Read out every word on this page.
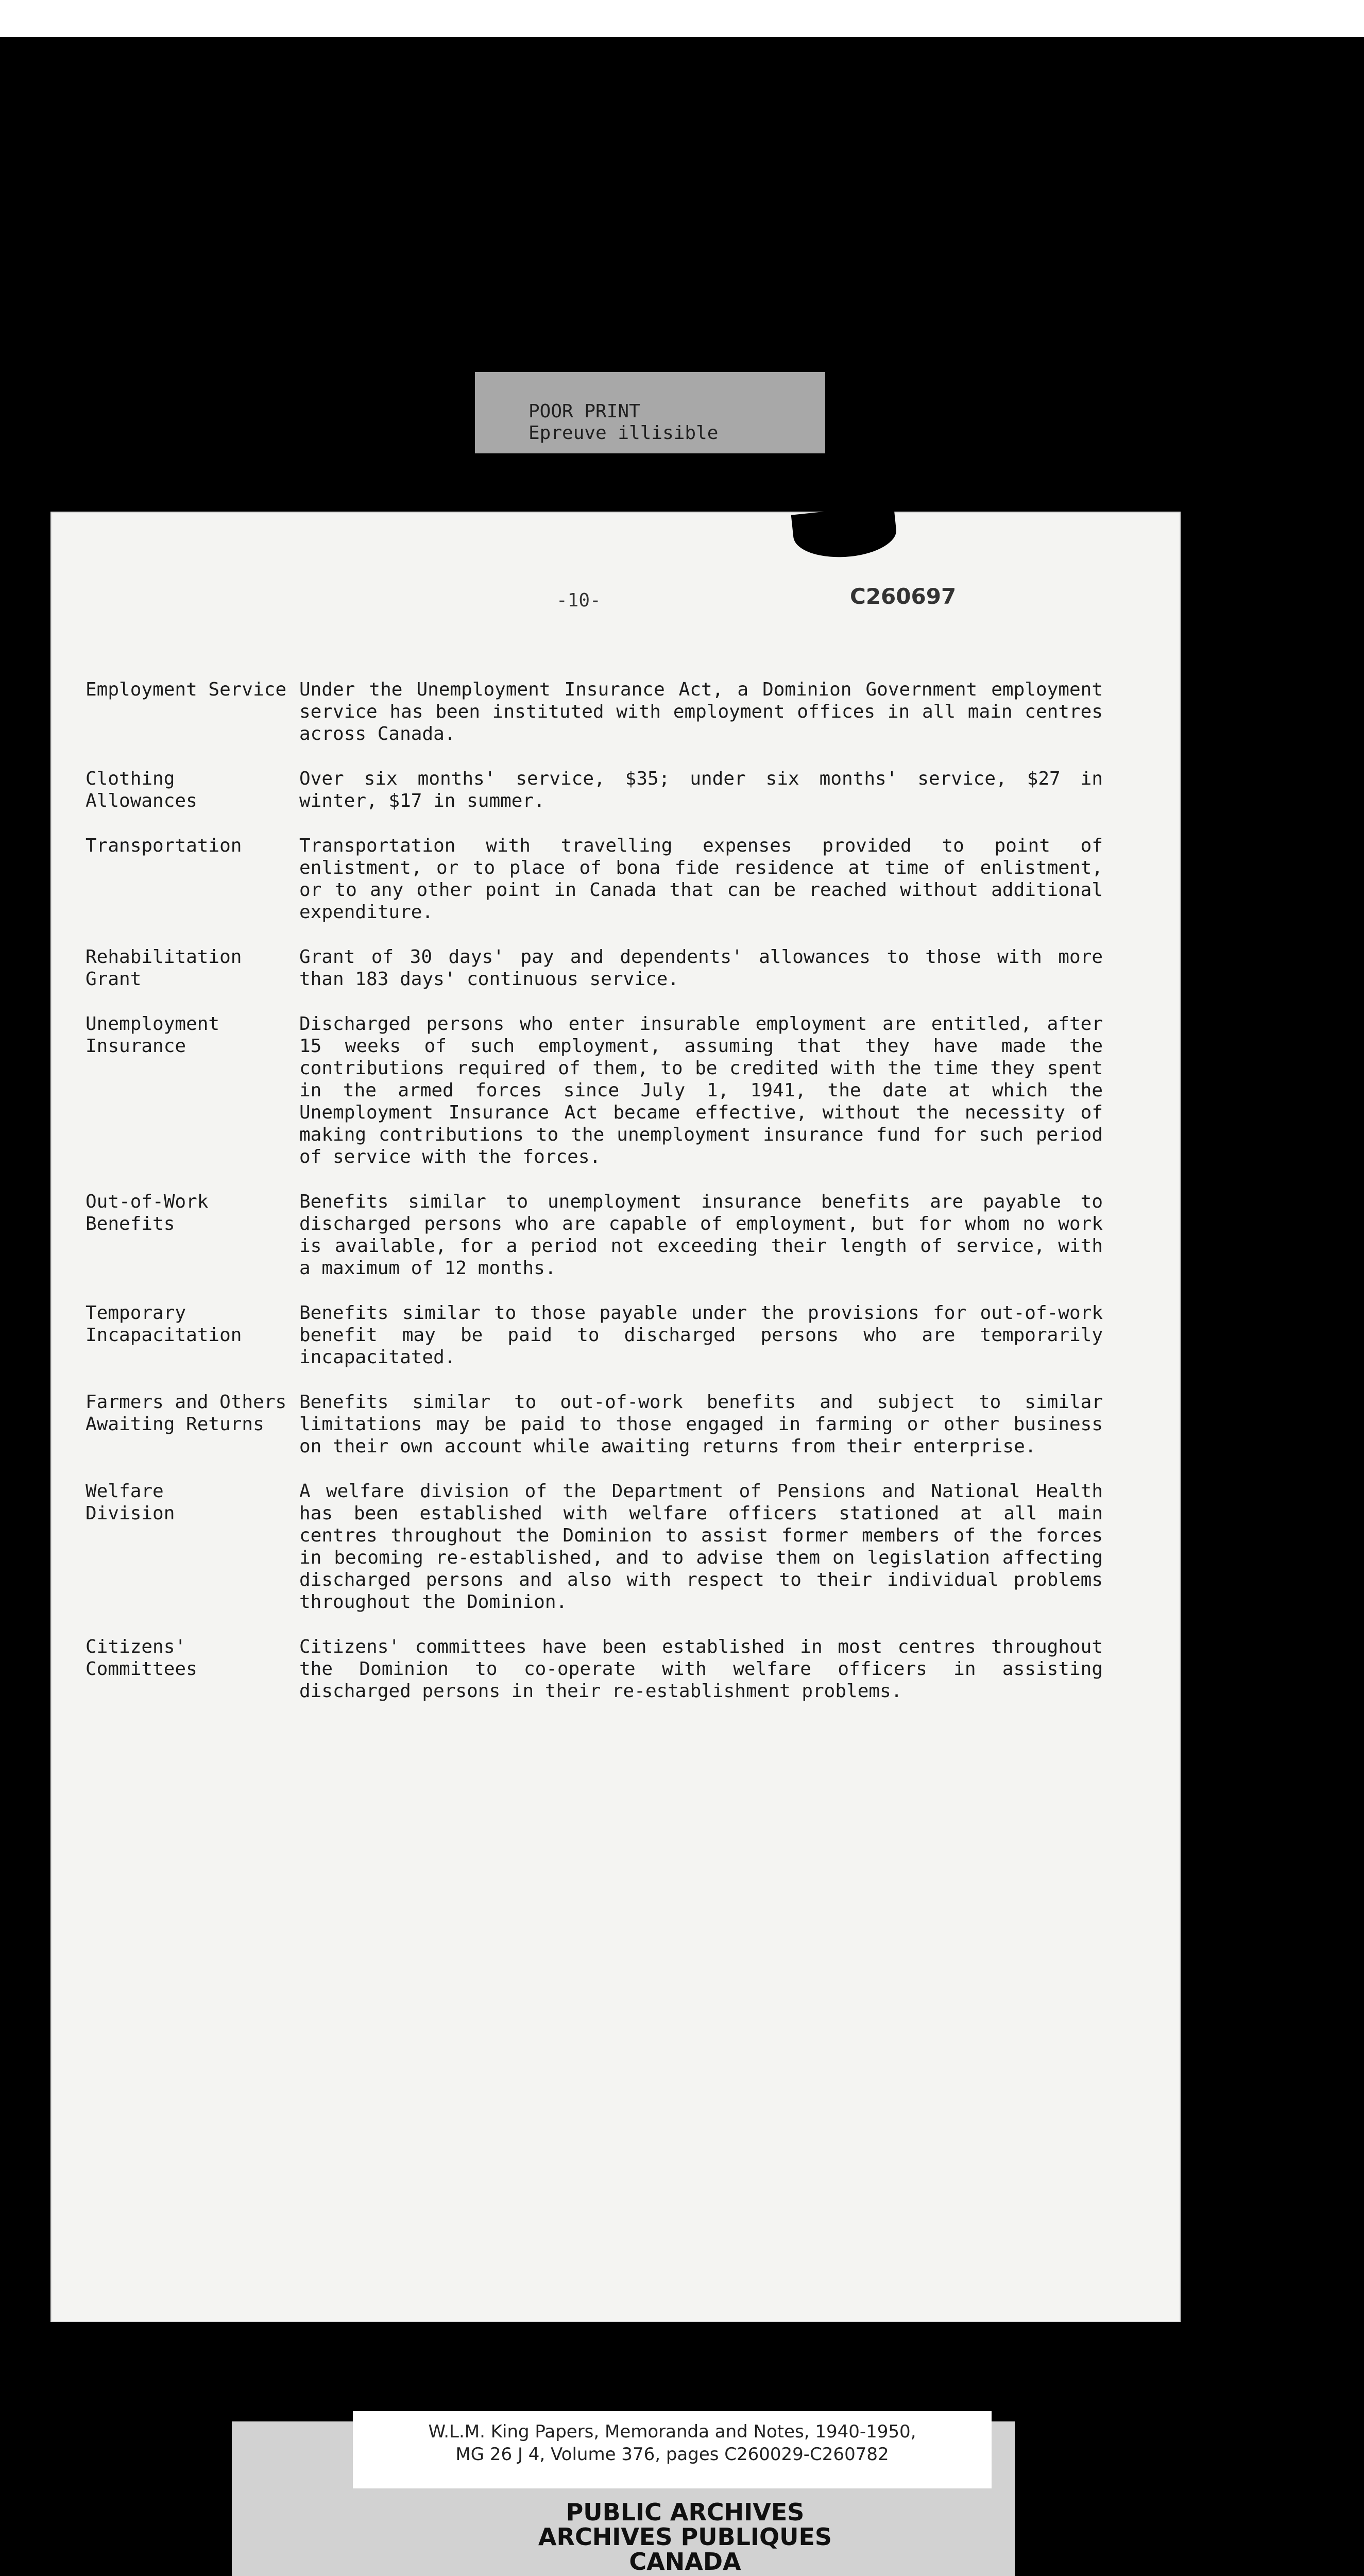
POOR PRINT
Epreuve illisible
-10-	C260697
Employment Service Under the Unemployment Insurance Act, a Dominion Government employment service has been instituted with employment offices in all main centres across Canada.
Clothing
Allowances
Over six months' service, $35; under six months' service, $27 in winter, $17 in summer.
Transportation	Transportation with travelling expenses provided to point of enlistment, or to place of bona fide residence at time of enlistment, or to any other point in Canada that can be reached without additional expenditure.
Rehabilitation
Grant
Grant of 30 days' pay and dependents' allowances to those with more than 183 days' continuous service.
Unemployment
Insurance
Discharged persons who enter insurable employment are entitled, after 15 weeks of such employment, assuming that they have made the contributions required of them, to be credited with the time they spent in the armed forces since July 1, 1941, the date at which the Unemployment Insurance Act became effective, without the necessity of making contributions to the unemployment insurance fund for such period of service with the forces.
Out-of-Work
Benefits
Benefits similar to unemployment insurance benefits are payable to discharged persons who are capable of employment, but for whom no work is available, for a period not exceeding their length of service, with a maximum of 12 months.
Temporary
Incapacitation
Benefits similar to those payable under the provisions for out-of-work benefit may be paid to discharged persons who are temporarily incapacitated.
Farmers and Others
Awaiting Returns
Benefits similar to out-of-work benefits and subject to similar limitations may be paid to those engaged in farming or other business on their own account while awaiting returns from their enterprise.
Welfare
Division
A welfare division of the Department of Pensions and National Health has been established with welfare officers stationed at all main centres throughout the Dominion to assist former members of the forces in becoming re-established, and to advise them on legislation affecting discharged persons and also with respect to their individual problems throughout the Dominion.
Citizens'
Committees
Citizens' committees have been established in most centres throughout the Dominion to co-operate with welfare officers in assisting discharged persons in their re-establishment problems.
W.L.M. King Papers, Memoranda and Notes, 1940-1950,
MG 26 J 4, Volume 376, pages C260029-C260782
PUBLIC ARCHIVES
ARCHIVES PUBLIQUES
CANADA
